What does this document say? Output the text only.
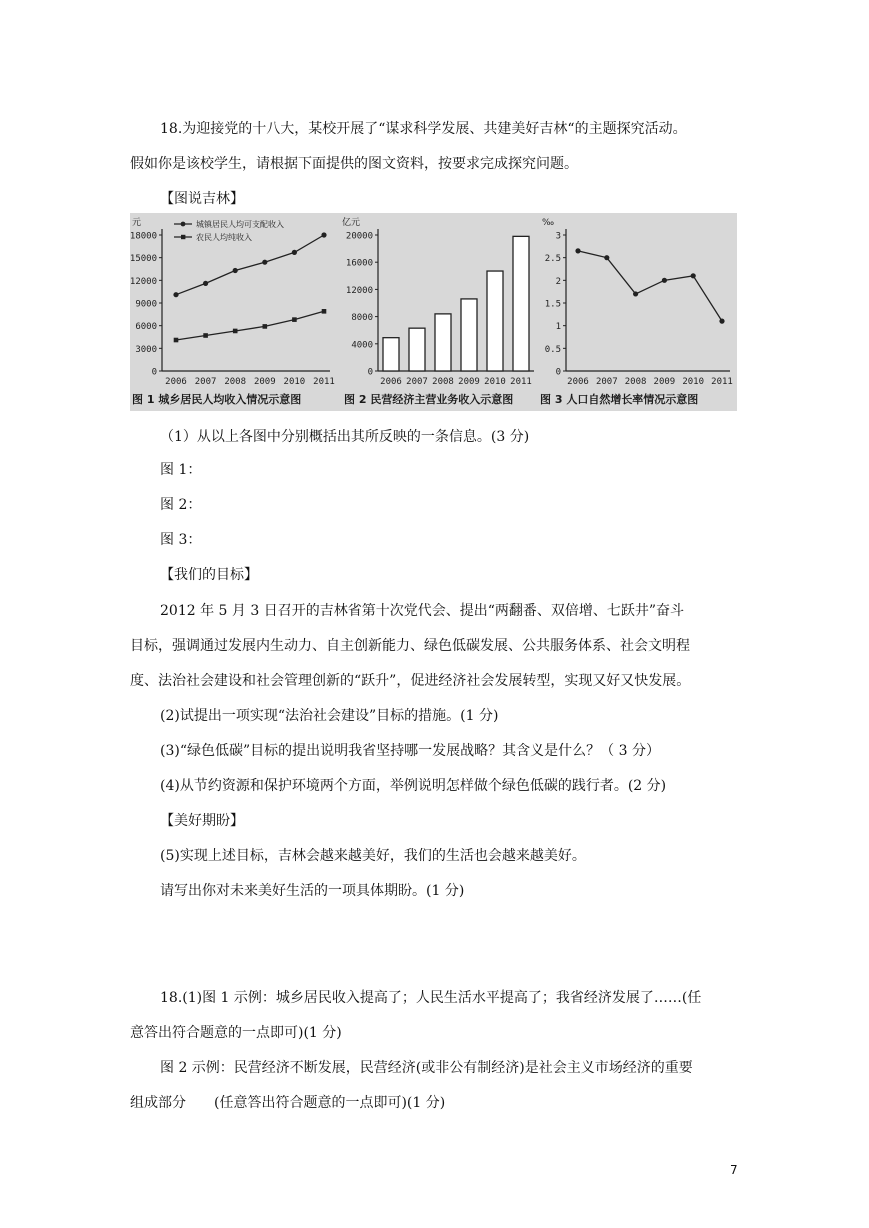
18.为迎接党的十八大，某校开展了“谋求科学发展、共建美好吉林“的主题探究活动。
假如你是该校学生，请根据下面提供的图文资料，按要求完成探究问题。
【图说吉林】
0
3000
6000
9000
12000
15000
18000
元
图 1 城乡居民人均收入情况示意图
2006 2007 2008 2009 2010 2011
城镇居民人均可支配收入
农民人均纯收入
0
4000
8000
12000
16000
20000
亿元
图 2 民营经济主营业务收入示意图
2006 2007 2008 2009 2010 2011
0
0.5
1
1.5
2
2.5
3
‰
图 3 人口自然增长率情况示意图
2006 2007 2008 2009 2010 2011
（1）从以上各图中分别概括出其所反映的一条信息。(3 分)
图 1：
图 2：
图 3：
【我们的目标】
2012 年 5 月 3 日召开的吉林省第十次党代会、提出“两翻番、双倍增、七跃井”奋斗
目标，强调通过发展内生动力、自主创新能力、绿色低碳发展、公共服务体系、社会文明程
度、法治社会建设和社会管理创新的“跃升”，促进经济社会发展转型，实现又好又快发展。
(2)试提出一项实现“法治社会建设”目标的措施。(1 分)
(3)“绿色低碳”目标的提出说明我省坚持哪一发展战略？其含义是什么？（ 3 分）
(4)从节约资源和保护环境两个方面，举例说明怎样做个绿色低碳的践行者。(2 分)
【美好期盼】
(5)实现上述目标，吉林会越来越美好，我们的生活也会越来越美好。
请写出你对未来美好生活的一项具体期盼。(1 分)
18.(1)图 1 示例：城乡居民收入提高了；人民生活水平提高了；我省经济发展了……(任
意答出符合题意的一点即可)(1 分)
图 2 示例：民营经济不断发展，民营经济(或非公有制经济)是社会主义市场经济的重要
组成部分　　(任意答出符合题意的一点即可)(1 分)
7
